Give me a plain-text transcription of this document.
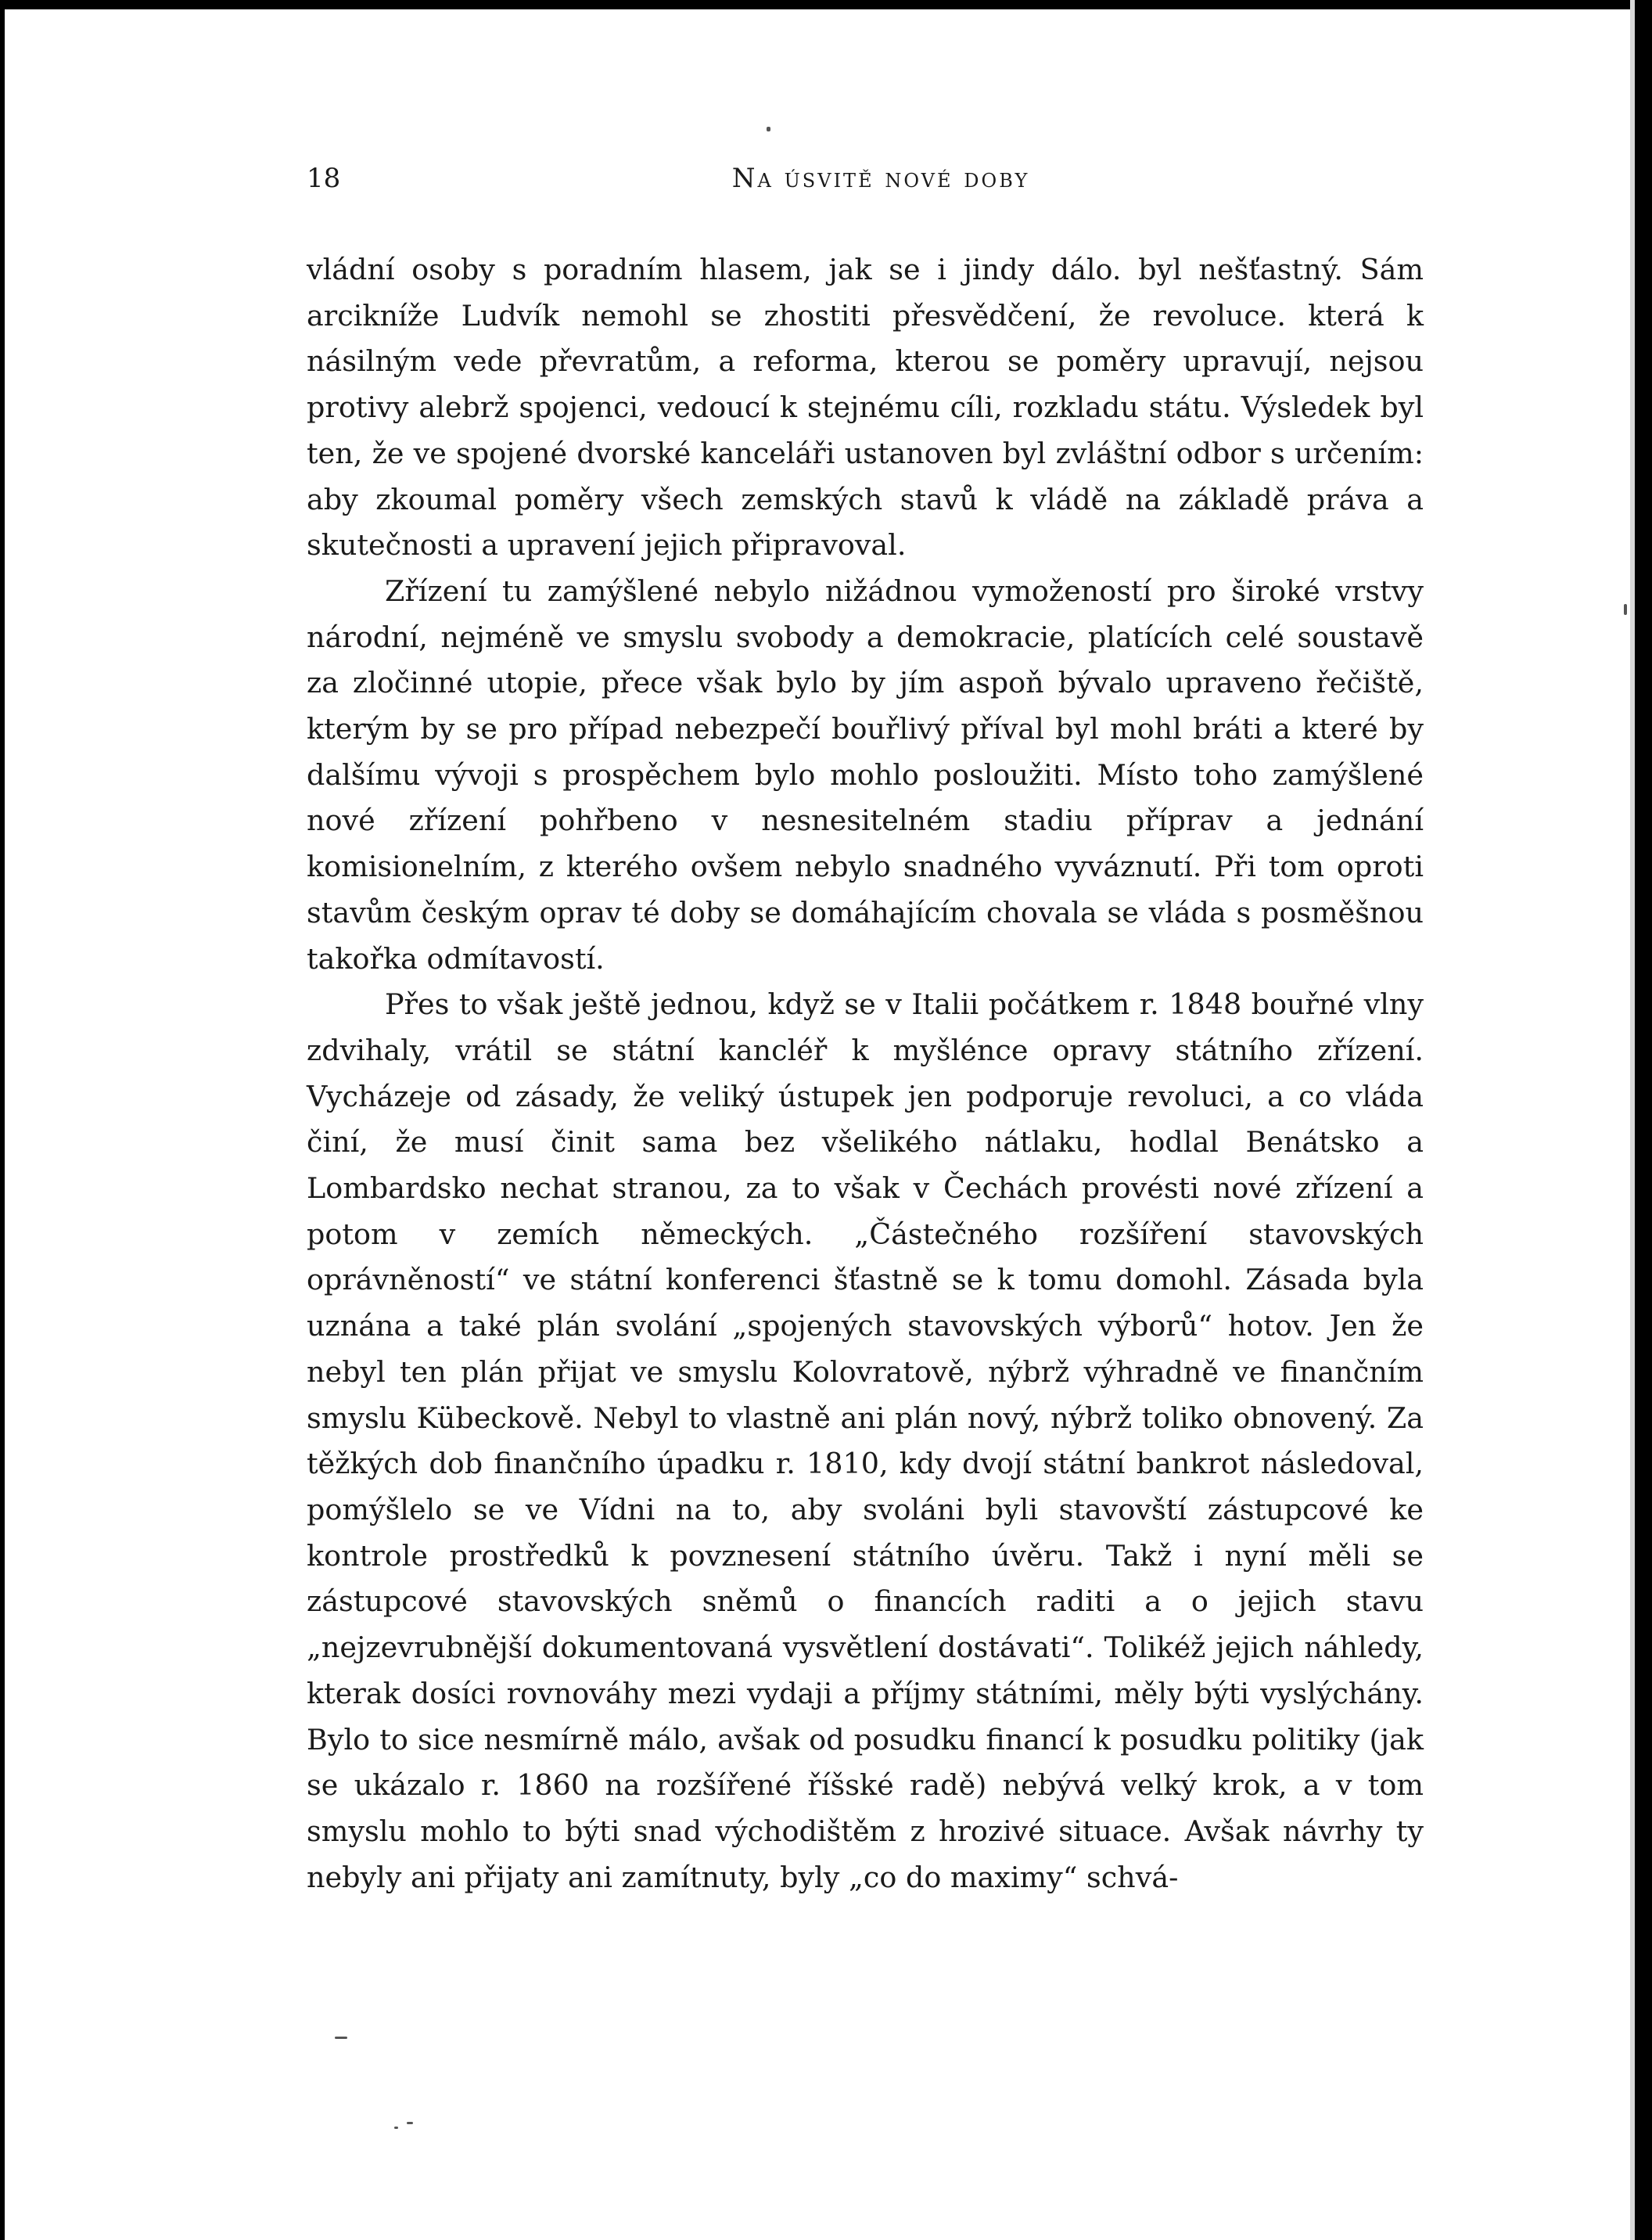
18	Na úsvitě nové doby

vládní osoby s poradním hlasem, jak se i jindy dálo. byl nešťastný. Sám arcikníže Ludvík nemohl se zhostiti přesvědčení, že revoluce. která k násilným vede převratům, a reforma, kterou se poměry upravují, nejsou protivy alebrž spojenci, vedoucí k stejnému cíli, rozkladu státu. Výsledek byl ten, že ve spojené dvorské kanceláři ustanoven byl zvláštní odbor s určením: aby zkoumal poměry všech zemských stavů k vládě na základě práva a skutečnosti a upravení jejich připravoval.

Zřízení tu zamýšlené nebylo nižádnou vymožeností pro široké vrstvy národní, nejméně ve smyslu svobody a demokracie, platících celé soustavě za zločinné utopie, přece však bylo by jím aspoň bývalo upraveno řečiště, kterým by se pro případ nebezpečí bouřlivý příval byl mohl bráti a které by dalšímu vývoji s prospěchem bylo mohlo posloužiti. Místo toho zamýšlené nové zřízení pohřbeno v nesnesitelném stadiu příprav a jednání komisionelním, z kterého ovšem nebylo snadného vyváznutí. Při tom oproti stavům českým oprav té doby se domáhajícím chovala se vláda s posměšnou takořka odmítavostí.

Přes to však ještě jednou, když se v Italii počátkem r. 1848 bouřné vlny zdvihaly, vrátil se státní kancléř k myšlénce opravy státního zřízení. Vycházeje od zásady, že veliký ústupek jen podporuje revoluci, a co vláda činí, že musí činit sama bez všelikého nátlaku, hodlal Benátsko a Lombardsko nechat stranou, za to však v Čechách provésti nové zřízení a potom v zemích německých. „Částečného rozšíření stavovských oprávněností“ ve státní konferenci šťastně se k tomu domohl. Zásada byla uznána a také plán svolání „spojených stavovských výborů“ hotov. Jen že nebyl ten plán přijat ve smyslu Kolovratově, nýbrž výhradně ve finančním smyslu Kübeckově. Nebyl to vlastně ani plán nový, nýbrž toliko obnovený. Za těžkých dob finančního úpadku r. 1810, kdy dvojí státní bankrot následoval, pomýšlelo se ve Vídni na to, aby svoláni byli stavovští zástupcové ke kontrole prostředků k povznesení státního úvěru. Takž i nyní měli se zástupcové stavovských sněmů o financích raditi a o jejich stavu „nejzevrubnější dokumentovaná vysvětlení dostávati“. Tolikéž jejich náhledy, kterak dosíci rovnováhy mezi vydaji a příjmy státními, měly býti vyslýchány. Bylo to sice nesmírně málo, avšak od posudku financí k posudku politiky (jak se ukázalo r. 1860 na rozšířené říšské radě) nebývá velký krok, a v tom smyslu mohlo to býti snad východištěm z hrozivé situace. Avšak návrhy ty nebyly ani přijaty ani zamítnuty, byly „co do maximy“ schvá-
